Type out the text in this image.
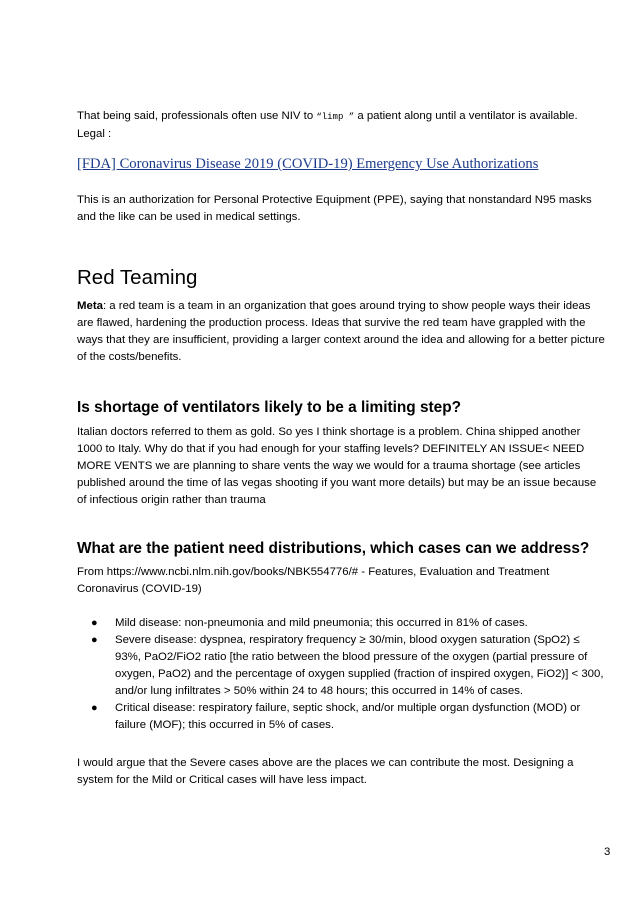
That being said, professionals often use NIV to “limp ” a patient along until a ventilator is available.
Legal :

[FDA] Coronavirus Disease 2019 (COVID-19) Emergency Use Authorizations

This is an authorization for Personal Protective Equipment (PPE), saying that nonstandard N95 masks and the like can be used in medical settings.

Red Teaming

Meta: a red team is a team in an organization that goes around trying to show people ways their ideas are flawed, hardening the production process. Ideas that survive the red team have grappled with the ways that they are insufficient, providing a larger context around the idea and allowing for a better picture of the costs/benefits.

Is shortage of ventilators likely to be a limiting step?

Italian doctors referred to them as gold. So yes I think shortage is a problem. China shipped another 1000 to Italy. Why do that if you had enough for your staffing levels? DEFINITELY AN ISSUE< NEED MORE VENTS we are planning to share vents the way we would for a trauma shortage (see articles published around the time of las vegas shooting if you want more details) but may be an issue because of infectious origin rather than trauma

What are the patient need distributions, which cases can we address?

From https://www.ncbi.nlm.nih.gov/books/NBK554776/# - Features, Evaluation and Treatment Coronavirus (COVID-19)

● Mild disease: non-pneumonia and mild pneumonia; this occurred in 81% of cases.
● Severe disease: dyspnea, respiratory frequency ≥ 30/min, blood oxygen saturation (SpO2) ≤ 93%, PaO2/FiO2 ratio [the ratio between the blood pressure of the oxygen (partial pressure of oxygen, PaO2) and the percentage of oxygen supplied (fraction of inspired oxygen, FiO2)] < 300, and/or lung infiltrates > 50% within 24 to 48 hours; this occurred in 14% of cases.
● Critical disease: respiratory failure, septic shock, and/or multiple organ dysfunction (MOD) or failure (MOF); this occurred in 5% of cases.

I would argue that the Severe cases above are the places we can contribute the most. Designing a system for the Mild or Critical cases will have less impact.

3
